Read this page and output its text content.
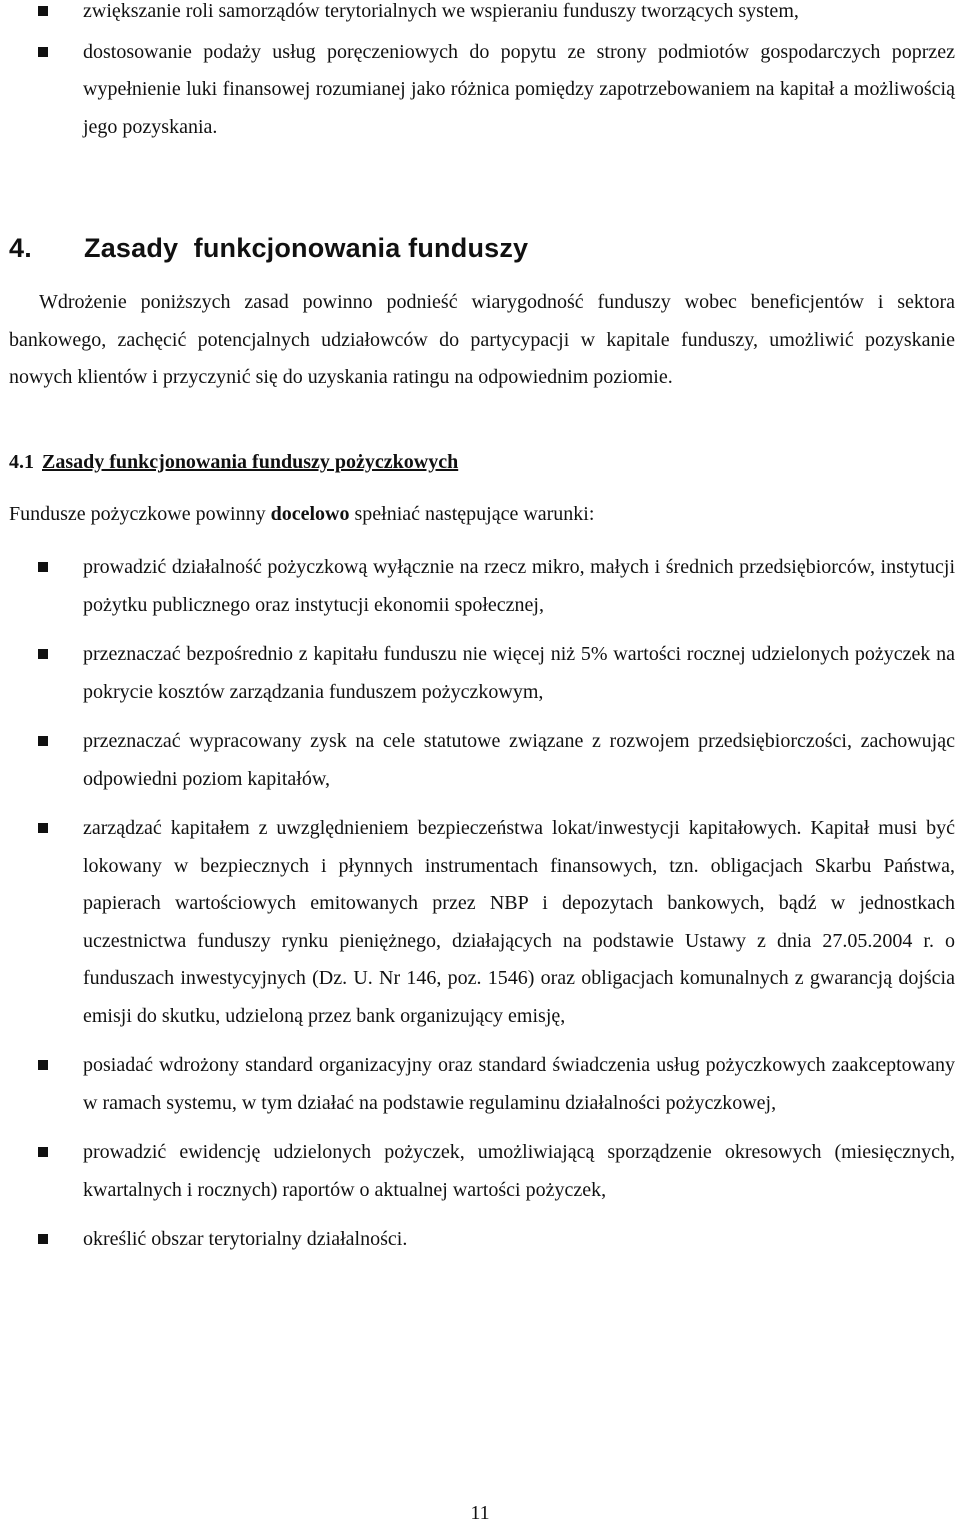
zwiększanie roli samorządów terytorialnych we wspieraniu funduszy tworzących system,
dostosowanie podaży usług poręczeniowych do popytu ze strony podmiotów gospodarczych poprzez wypełnienie luki finansowej rozumianej jako różnica pomiędzy zapotrzebowaniem na kapitał a możliwością jego pozyskania.
4. Zasady  funkcjonowania funduszy

Wdrożenie poniższych zasad powinno podnieść wiarygodność funduszy wobec beneficjentów i sektora bankowego, zachęcić potencjalnych udziałowców do partycypacji w kapitale funduszy, umożliwić pozyskanie nowych klientów i przyczynić się do uzyskania ratingu na odpowiednim poziomie.

4.1 Zasady funkcjonowania funduszy pożyczkowych

Fundusze pożyczkowe powinny docelowo spełniać następujące warunki:

prowadzić działalność pożyczkową wyłącznie na rzecz mikro, małych i średnich przedsiębiorców, instytucji pożytku publicznego oraz instytucji ekonomii społecznej,
przeznaczać bezpośrednio z kapitału funduszu nie więcej niż 5% wartości rocznej udzielonych pożyczek na pokrycie kosztów zarządzania funduszem pożyczkowym,
przeznaczać wypracowany zysk na cele statutowe związane z rozwojem przedsiębiorczości, zachowując odpowiedni poziom kapitałów,
zarządzać kapitałem z uwzględnieniem bezpieczeństwa lokat/inwestycji kapitałowych. Kapitał musi być lokowany w bezpiecznych i płynnych instrumentach finansowych, tzn. obligacjach Skarbu Państwa, papierach wartościowych emitowanych przez NBP i depozytach bankowych, bądź w jednostkach uczestnictwa funduszy rynku pieniężnego, działających na podstawie Ustawy z dnia 27.05.2004 r. o funduszach inwestycyjnych (Dz. U. Nr 146, poz. 1546) oraz obligacjach komunalnych z gwarancją dojścia emisji do skutku, udzieloną przez bank organizujący emisję,
posiadać wdrożony standard organizacyjny oraz standard świadczenia usług pożyczkowych zaakceptowany w ramach systemu, w tym działać na podstawie regulaminu działalności pożyczkowej,
prowadzić ewidencję udzielonych pożyczek, umożliwiającą sporządzenie okresowych (miesięcznych, kwartalnych i rocznych) raportów o aktualnej wartości pożyczek,
określić obszar terytorialny działalności.
11
